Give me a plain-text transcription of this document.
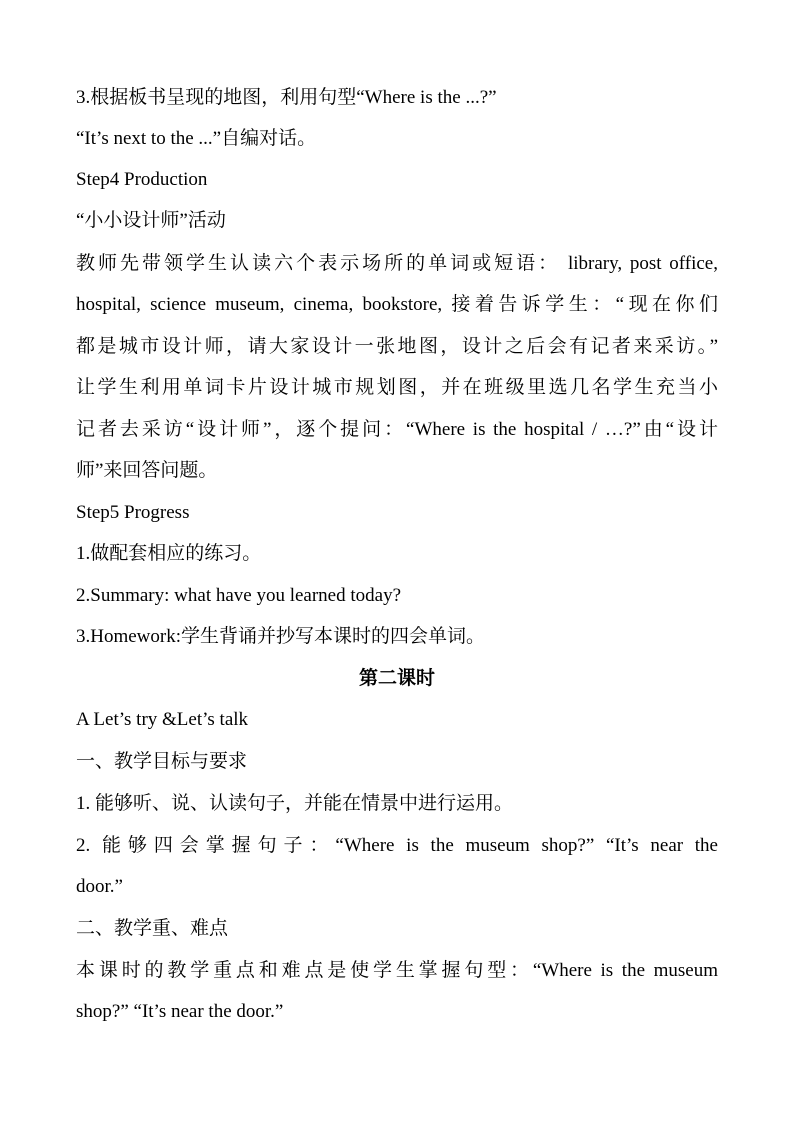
3.根据板书呈现的地图，利用句型“Where is the ...?”
“It’s next to the ...”自编对话。
Step4 Production
“小小设计师”活动
教师先带领学生认读六个表示场所的单词或短语： library, post office,
hospital, science museum, cinema, bookstore, 接着告诉学生：“现在你们
都是城市设计师，请大家设计一张地图，设计之后会有记者来采访。”
让学生利用单词卡片设计城市规划图，并在班级里选几名学生充当小
记者去采访“设计师”，逐个提问：“Where is the hospital / …?”由“设计
师”来回答问题。
Step5 Progress
1.做配套相应的练习。
2.Summary: what have you learned today?
3.Homework:学生背诵并抄写本课时的四会单词。
第二课时
A Let’s try &Let’s talk
一、教学目标与要求
1. 能够听、说、认读句子，并能在情景中进行运用。
2. 能够四会掌握句子：“Where is the museum shop?” “It’s near the
door.”
二、教学重、难点
本课时的教学重点和难点是使学生掌握句型：“Where is the museum
shop?” “It’s near the door.”
